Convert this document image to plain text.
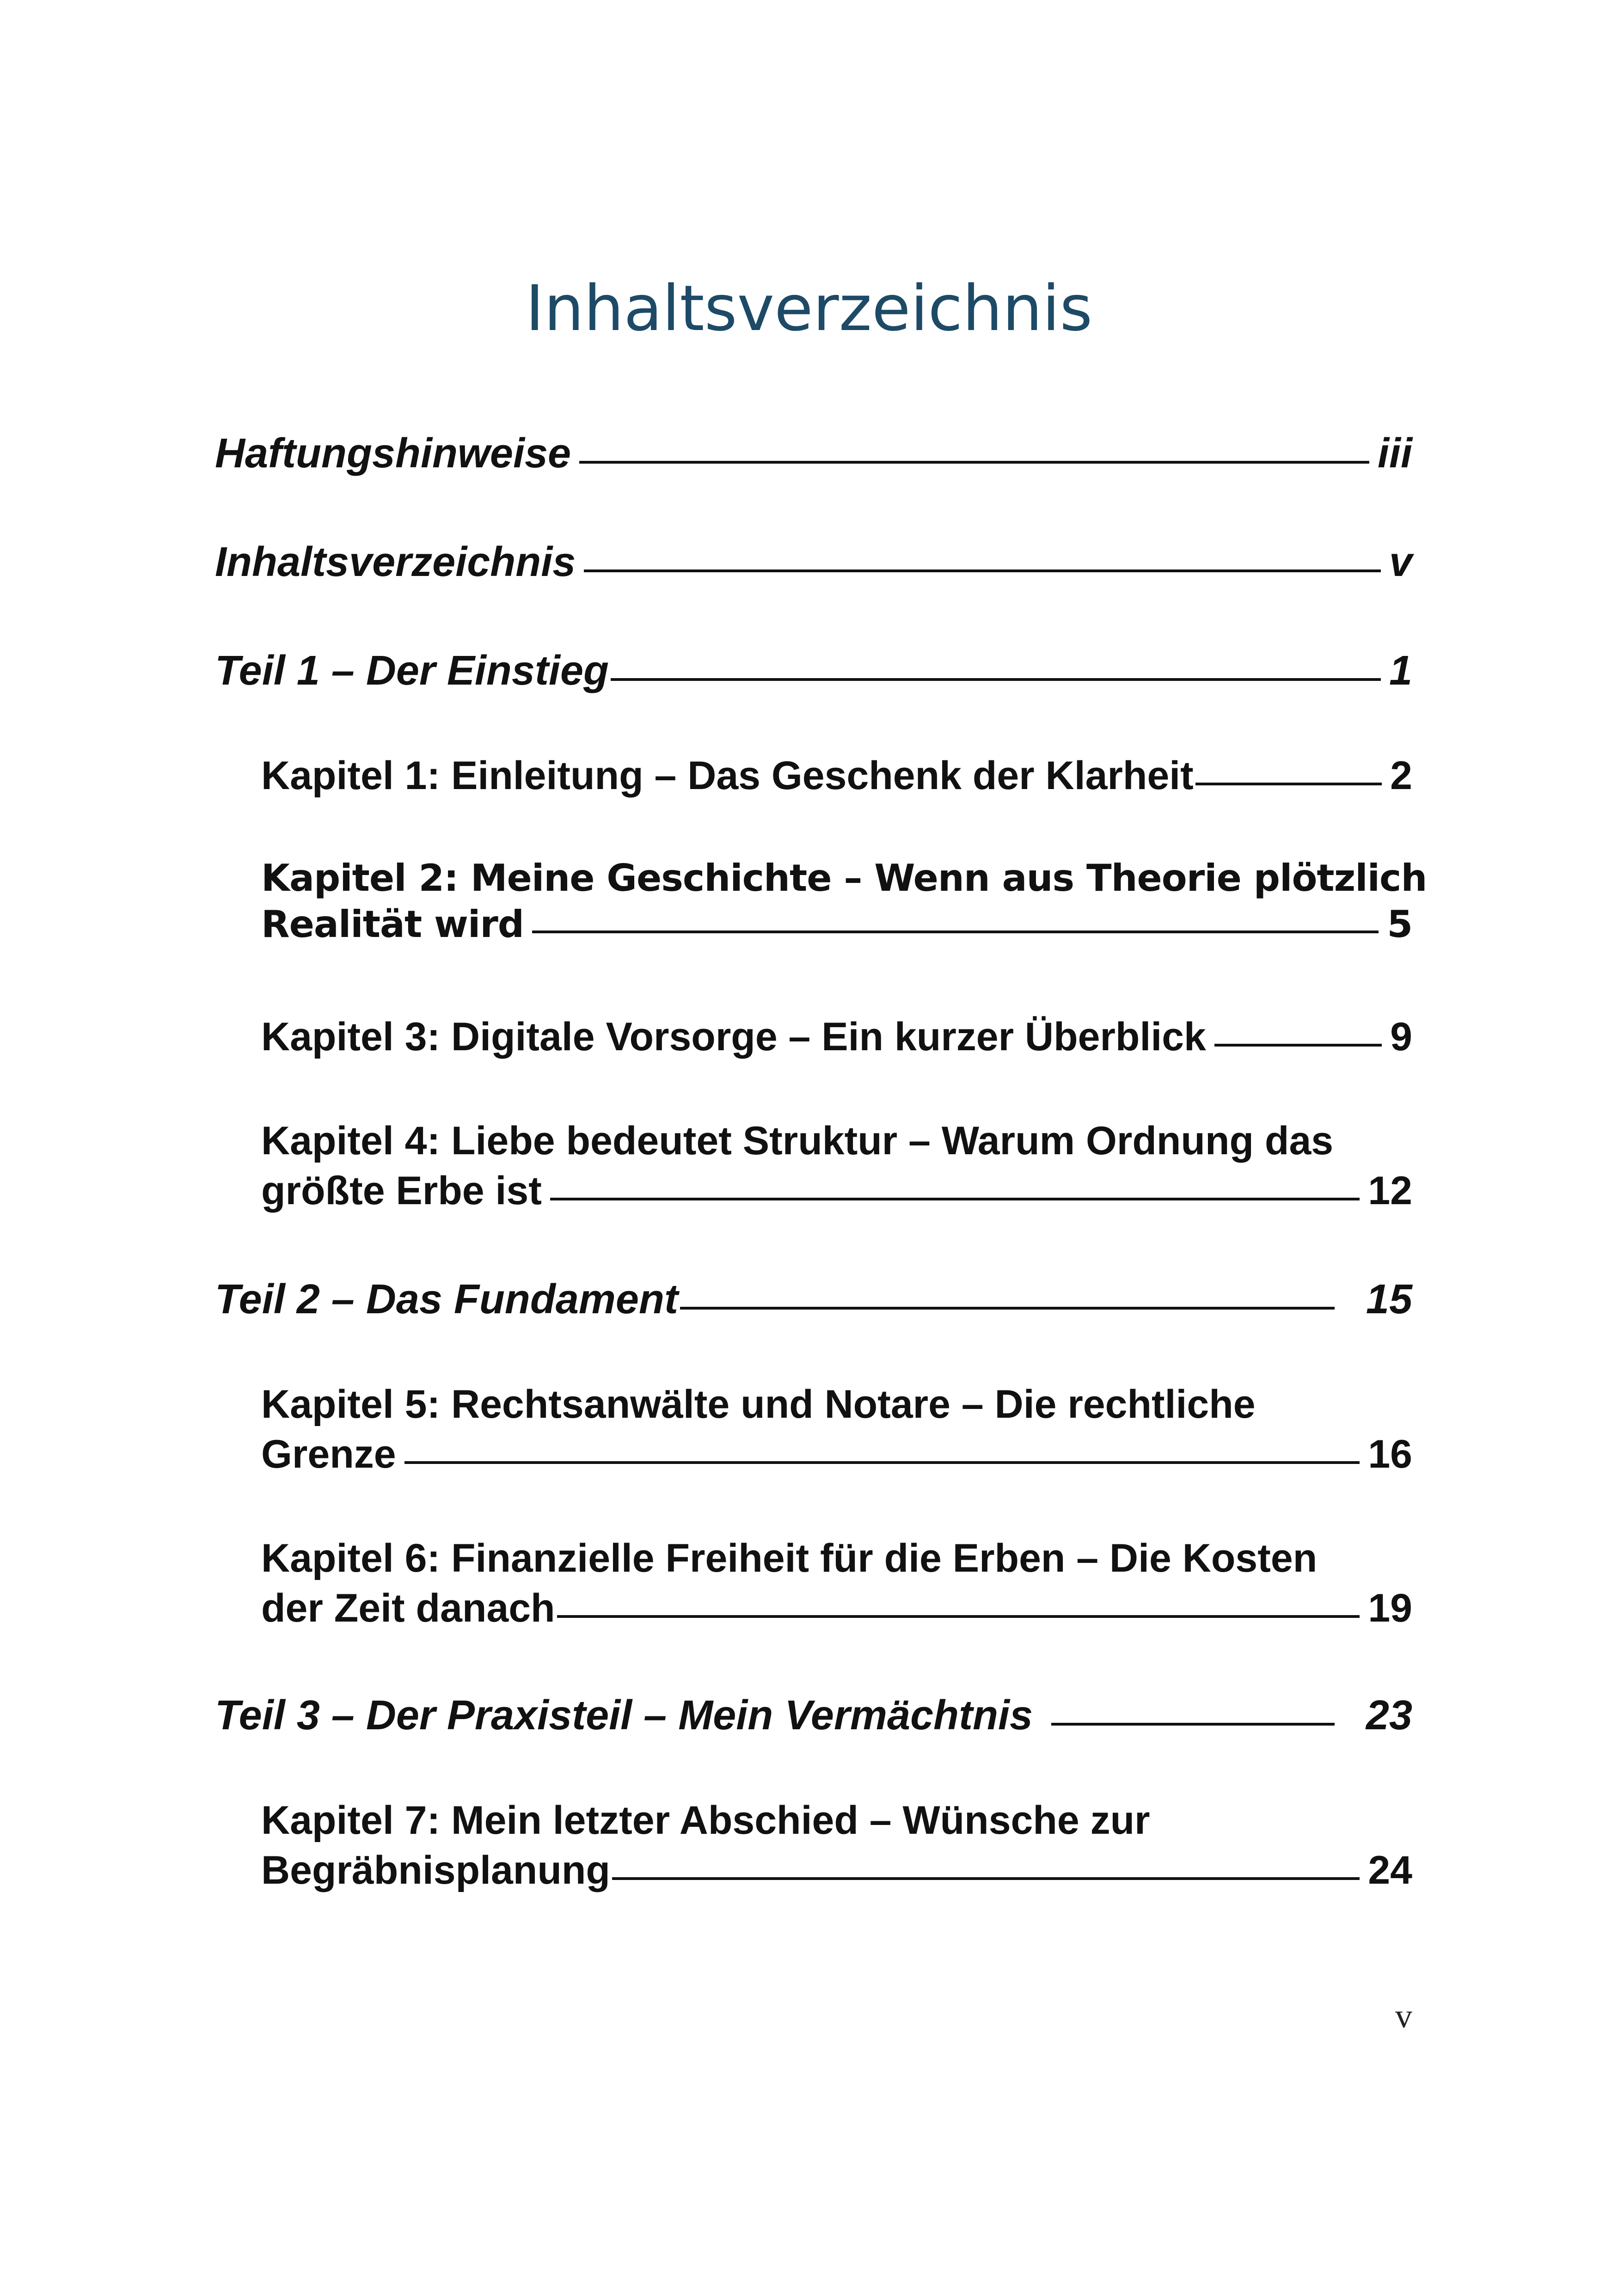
Inhaltsverzeichnis
Haftungshinweise	iii
Inhaltsverzeichnis	v
Teil 1 – Der Einstieg	1
Kapitel 1: Einleitung – Das Geschenk der Klarheit	2
Kapitel 2: Meine Geschichte – Wenn aus Theorie plötzlich
Realität wird	5
Kapitel 3: Digitale Vorsorge – Ein kurzer Überblick	9
Kapitel 4: Liebe bedeutet Struktur – Warum Ordnung das
größte Erbe ist	12
Teil 2 – Das Fundament	15
Kapitel 5: Rechtsanwälte und Notare – Die rechtliche
Grenze	16
Kapitel 6: Finanzielle Freiheit für die Erben – Die Kosten
der Zeit danach	19
Teil 3 – Der Praxisteil – Mein Vermächtnis	23
Kapitel 7: Mein letzter Abschied – Wünsche zur
Begräbnisplanung	24
v
